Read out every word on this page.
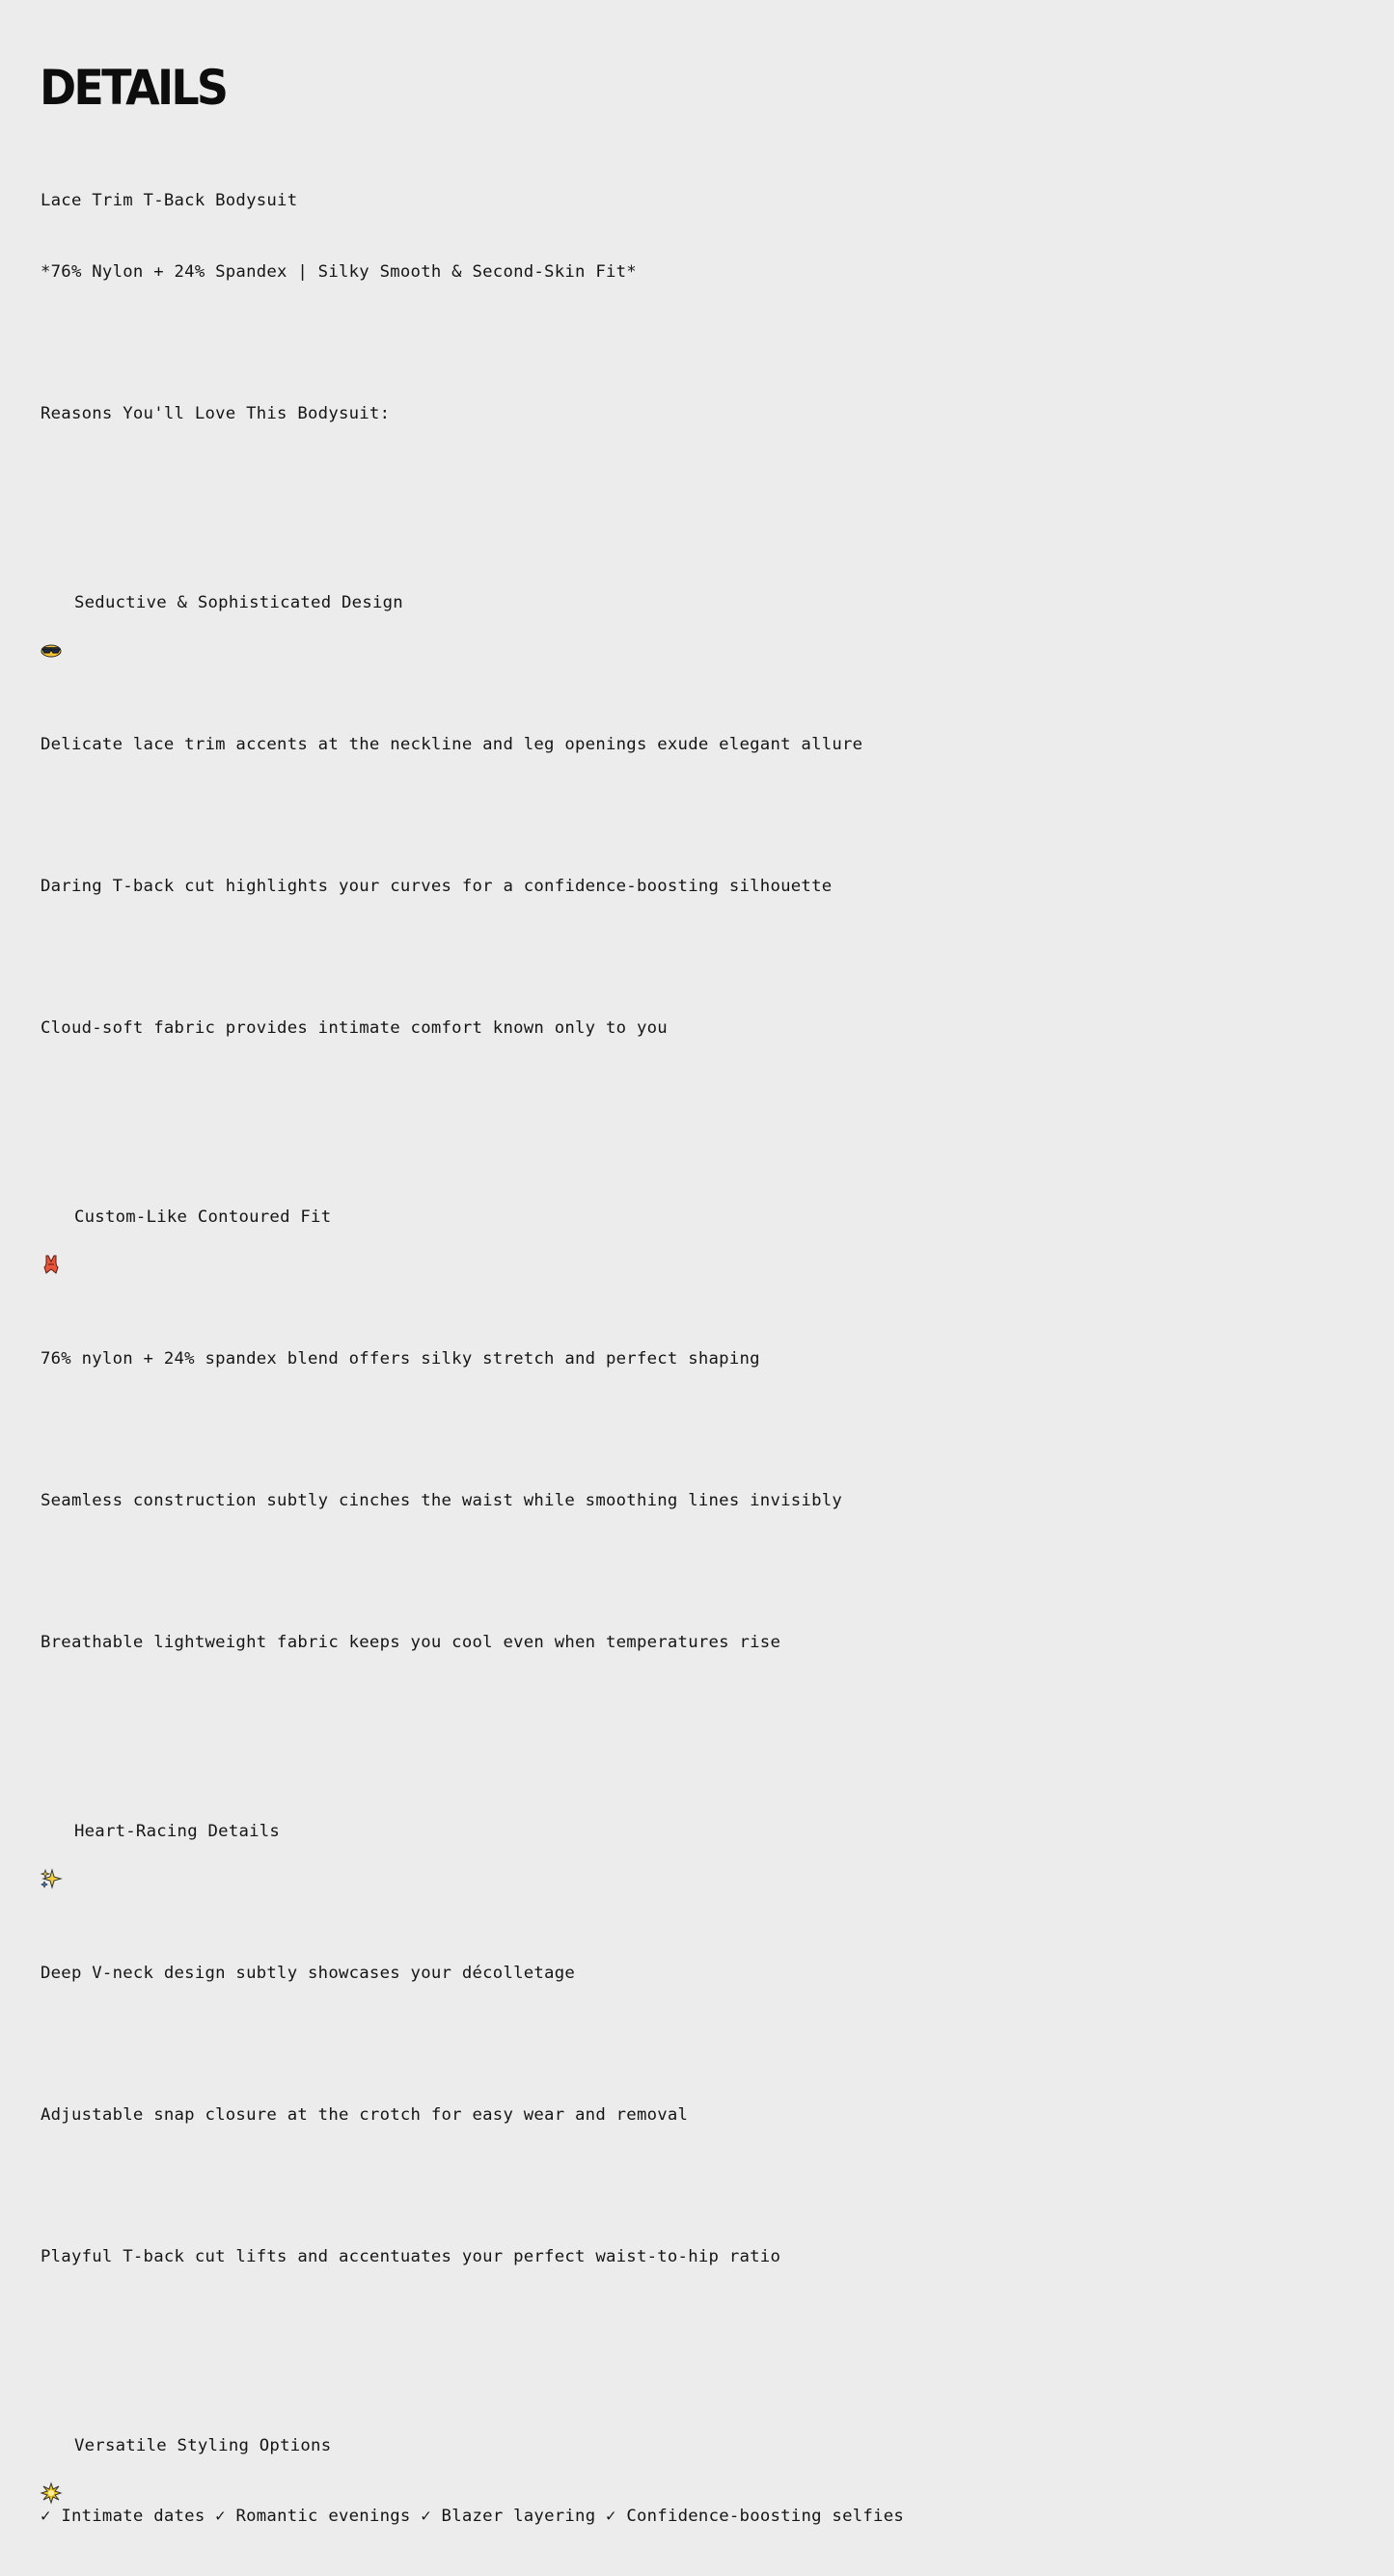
DETAILS

Lace Trim T-Back Bodysuit

*76% Nylon + 24% Spandex | Silky Smooth & Second-Skin Fit*

Reasons You'll Love This Bodysuit:

Seductive & Sophisticated Design

Delicate lace trim accents at the neckline and leg openings exude elegant allure

Daring T-back cut highlights your curves for a confidence-boosting silhouette

Cloud-soft fabric provides intimate comfort known only to you

Custom-Like Contoured Fit

76% nylon + 24% spandex blend offers silky stretch and perfect shaping

Seamless construction subtly cinches the waist while smoothing lines invisibly

Breathable lightweight fabric keeps you cool even when temperatures rise

Heart-Racing Details

Deep V-neck design subtly showcases your décolletage

Adjustable snap closure at the crotch for easy wear and removal

Playful T-back cut lifts and accentuates your perfect waist-to-hip ratio

Versatile Styling Options

✓ Intimate dates ✓ Romantic evenings ✓ Blazer layering ✓ Confidence-boosting selfies
